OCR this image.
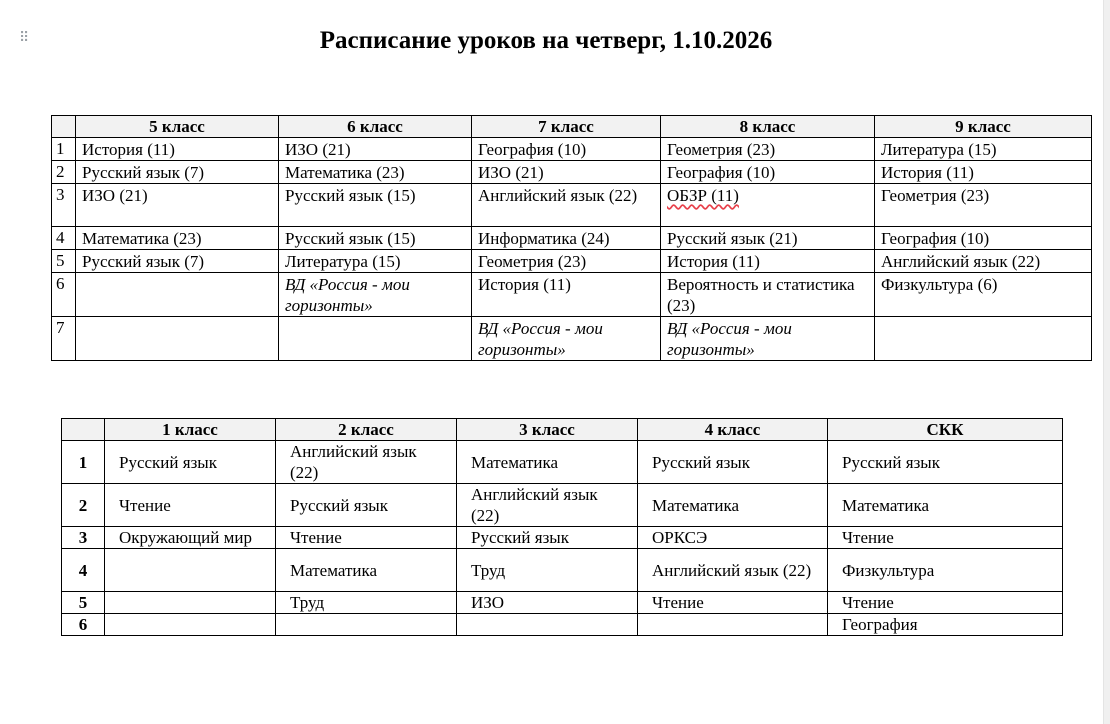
⠿	Расписание уроков на четверг, 1.10.2026
	5 класс	6 класс	7 класс	8 класс	9 класс
1	История (11)	ИЗО (21)	География (10)	Геометрия (23)	Литература (15)
2	Русский язык (7)	Математика (23)	ИЗО (21)	География (10)	История (11)
3	ИЗО (21)	Русский язык (15)	Английский язык (22)	ОБЗР (11)	Геометрия (23)
4	Математика (23)	Русский язык (15)	Информатика (24)	Русский язык (21)	География (10)
5	Русский язык (7)	Литература (15)	Геометрия (23)	История (11)	Английский язык (22)
6		ВД «Россия - мои горизонты»	История (11)	Вероятность и статистика (23)	Физкультура (6)
7			ВД «Россия - мои горизонты»	ВД «Россия - мои горизонты»	
	1 класс	2 класс	3 класс	4 класс	СКК
1	Русский язык	Английский язык (22)	Математика	Русский язык	Русский язык
2	Чтение	Русский язык	Английский язык (22)	Математика	Математика
3	Окружающий мир	Чтение	Русский язык	ОРКСЭ	Чтение
4		Математика	Труд	Английский язык (22)	Физкультура
5		Труд	ИЗО	Чтение	Чтение
6					География
